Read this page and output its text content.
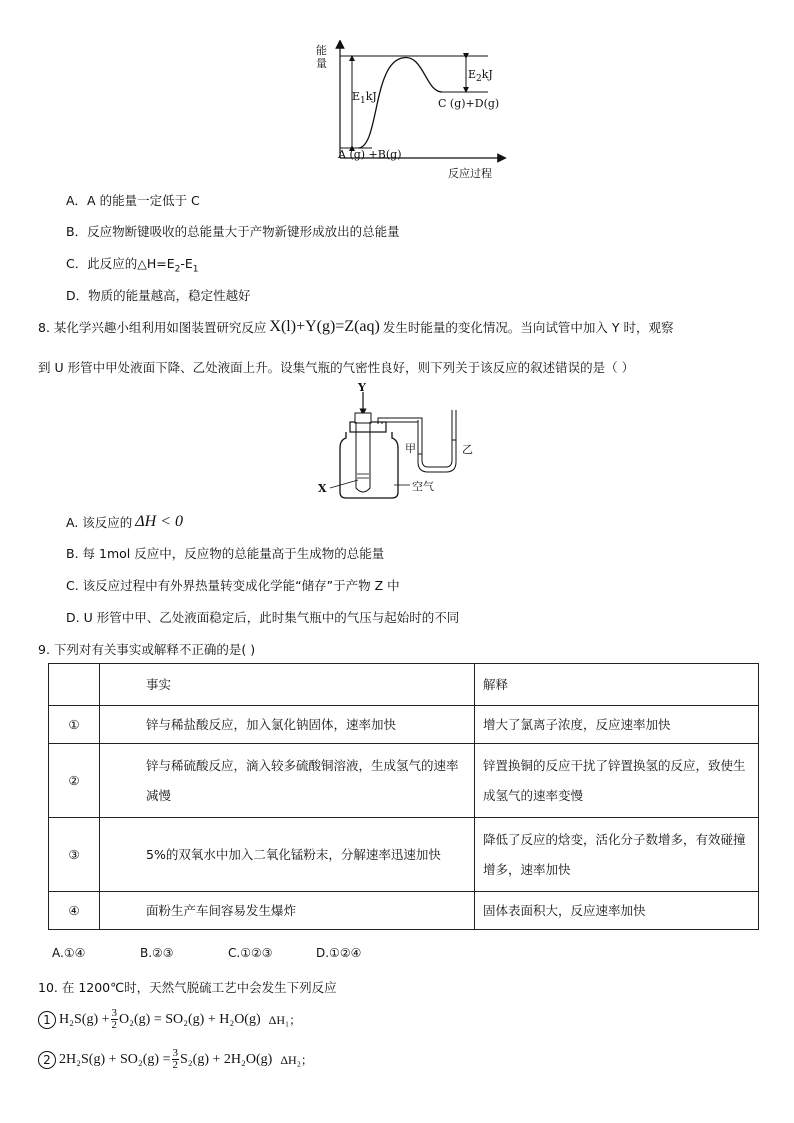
能量
$E_1kJ$
$E_2kJ$
C (g)+D(g)
A (g) +B(g)
反应过程
A．A 的能量一定低于 C
B．反应物断键吸收的总能量大于产物新键形成放出的总能量
C．此反应的$\triangle H=E_2-E_1$
D．物质的能量越高，稳定性越好
8. 某化学兴趣小组利用如图装置研究反应 X(l)+Y(g)=Z(aq) 发生时能量的变化情况。当向试管中加入 Y 时，观察
到 U 形管中甲处液面下降、乙处液面上升。设集气瓶的气密性良好，则下列关于该反应的叙述错误的是（ ）
Y
X
甲	乙
空气
A. 该反应的 ΔH < 0
B. 每 1mol 反应中，反应物的总能量高于生成物的总能量
C. 该反应过程中有外界热量转变成化学能“储存”于产物 Z 中
D. U 形管中甲、乙处液面稳定后，此时集气瓶中的气压与起始时的不同
9. 下列对有关事实或解释不正确的是( )
	事实	解释
①	锌与稀盐酸反应，加入氯化钠固体，速率加快	增大了氯离子浓度，反应速率加快
②	锌与稀硫酸反应，滴入较多硫酸铜溶液，生成氢气的速率减慢	锌置换铜的反应干扰了锌置换氢的反应，致使生成氢气的速率变慢
③	5%的双氧水中加入二氧化锰粉末，分解速率迅速加快	降低了反应的焓变，活化分子数增多，有效碰撞增多，速率加快
④	面粉生产车间容易发生爆炸	固体表面积大，反应速率加快
A.①④	B.②③	C.①②③	D.①②④
10. 在 1200℃时，天然气脱硫工艺中会发生下列反应
1 $H_2S(g) + \frac{3}{2} O_2(g) = SO_2(g) + H_2O(g)$ ΔH₁；
2 $2H_2S(g) + SO_2(g) = \frac{3}{2} S_2(g) + 2H_2O(g)$ ΔH₂；
